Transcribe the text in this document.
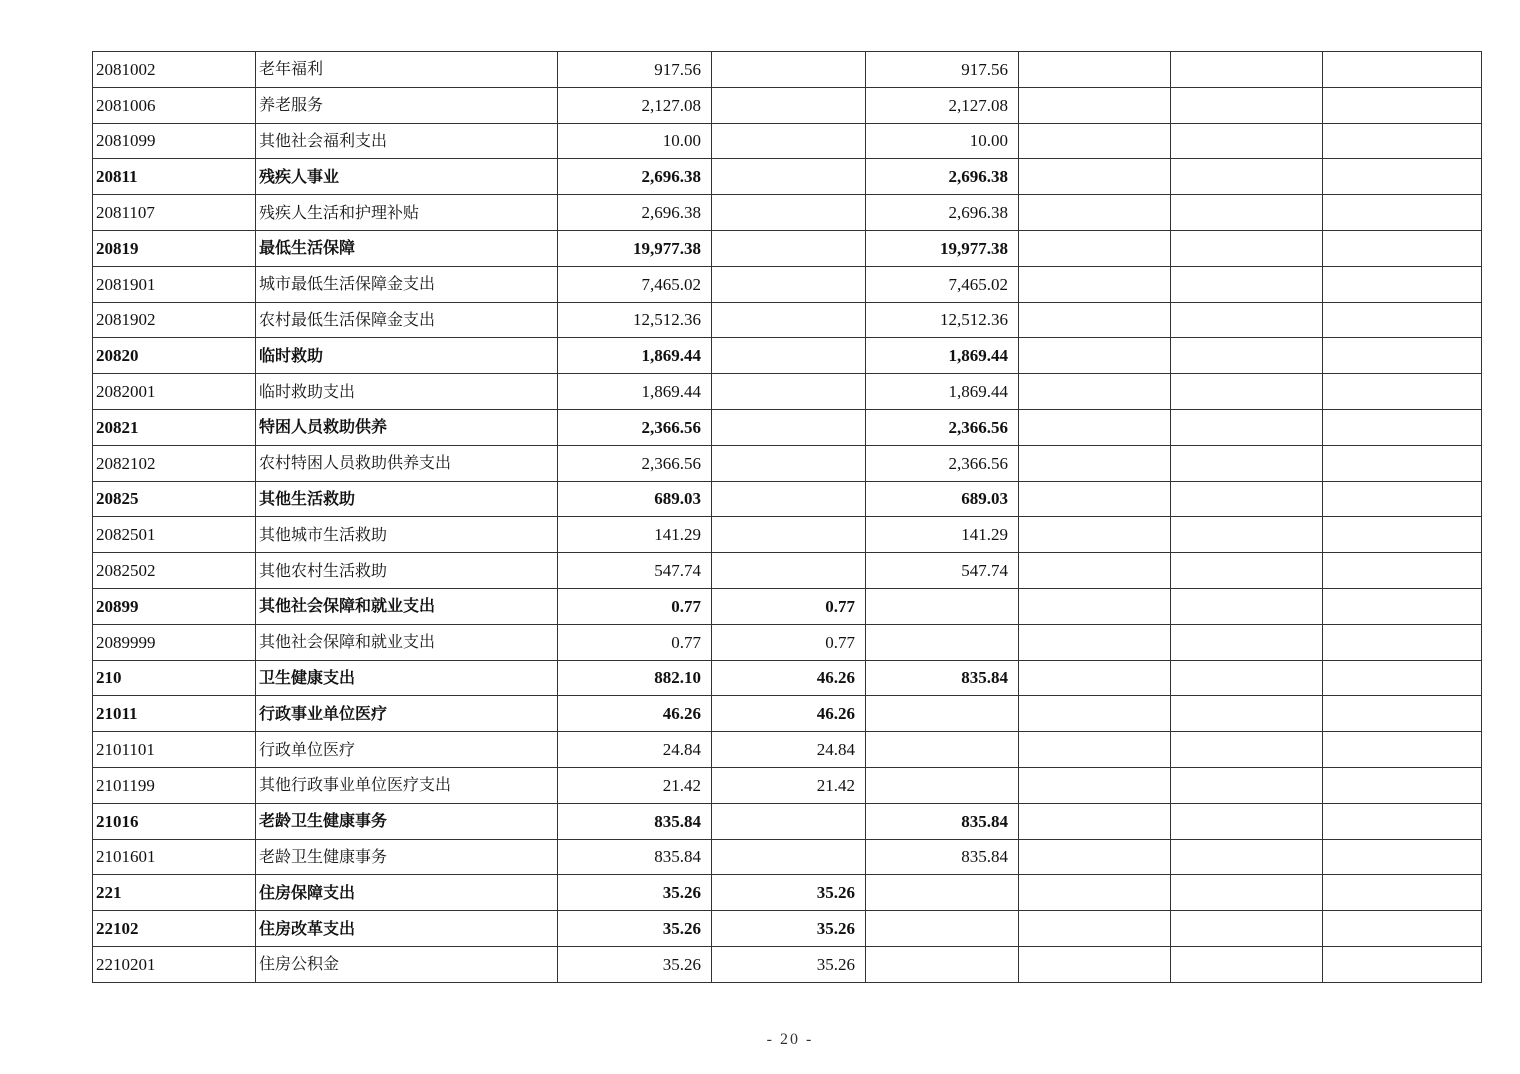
2081002	老年福利	917.56		917.56			
2081006	养老服务	2,127.08		2,127.08			
2081099	其他社会福利支出	10.00		10.00			
20811	残疾人事业	2,696.38		2,696.38			
2081107	残疾人生活和护理补贴	2,696.38		2,696.38			
20819	最低生活保障	19,977.38		19,977.38			
2081901	城市最低生活保障金支出	7,465.02		7,465.02			
2081902	农村最低生活保障金支出	12,512.36		12,512.36			
20820	临时救助	1,869.44		1,869.44			
2082001	临时救助支出	1,869.44		1,869.44			
20821	特困人员救助供养	2,366.56		2,366.56			
2082102	农村特困人员救助供养支出	2,366.56		2,366.56			
20825	其他生活救助	689.03		689.03			
2082501	其他城市生活救助	141.29		141.29			
2082502	其他农村生活救助	547.74		547.74			
20899	其他社会保障和就业支出	0.77	0.77				
2089999	其他社会保障和就业支出	0.77	0.77				
210	卫生健康支出	882.10	46.26	835.84			
21011	行政事业单位医疗	46.26	46.26				
2101101	行政单位医疗	24.84	24.84				
2101199	其他行政事业单位医疗支出	21.42	21.42				
21016	老龄卫生健康事务	835.84		835.84			
2101601	老龄卫生健康事务	835.84		835.84			
221	住房保障支出	35.26	35.26				
22102	住房改革支出	35.26	35.26				
2210201	住房公积金	35.26	35.26				
- 20 -
